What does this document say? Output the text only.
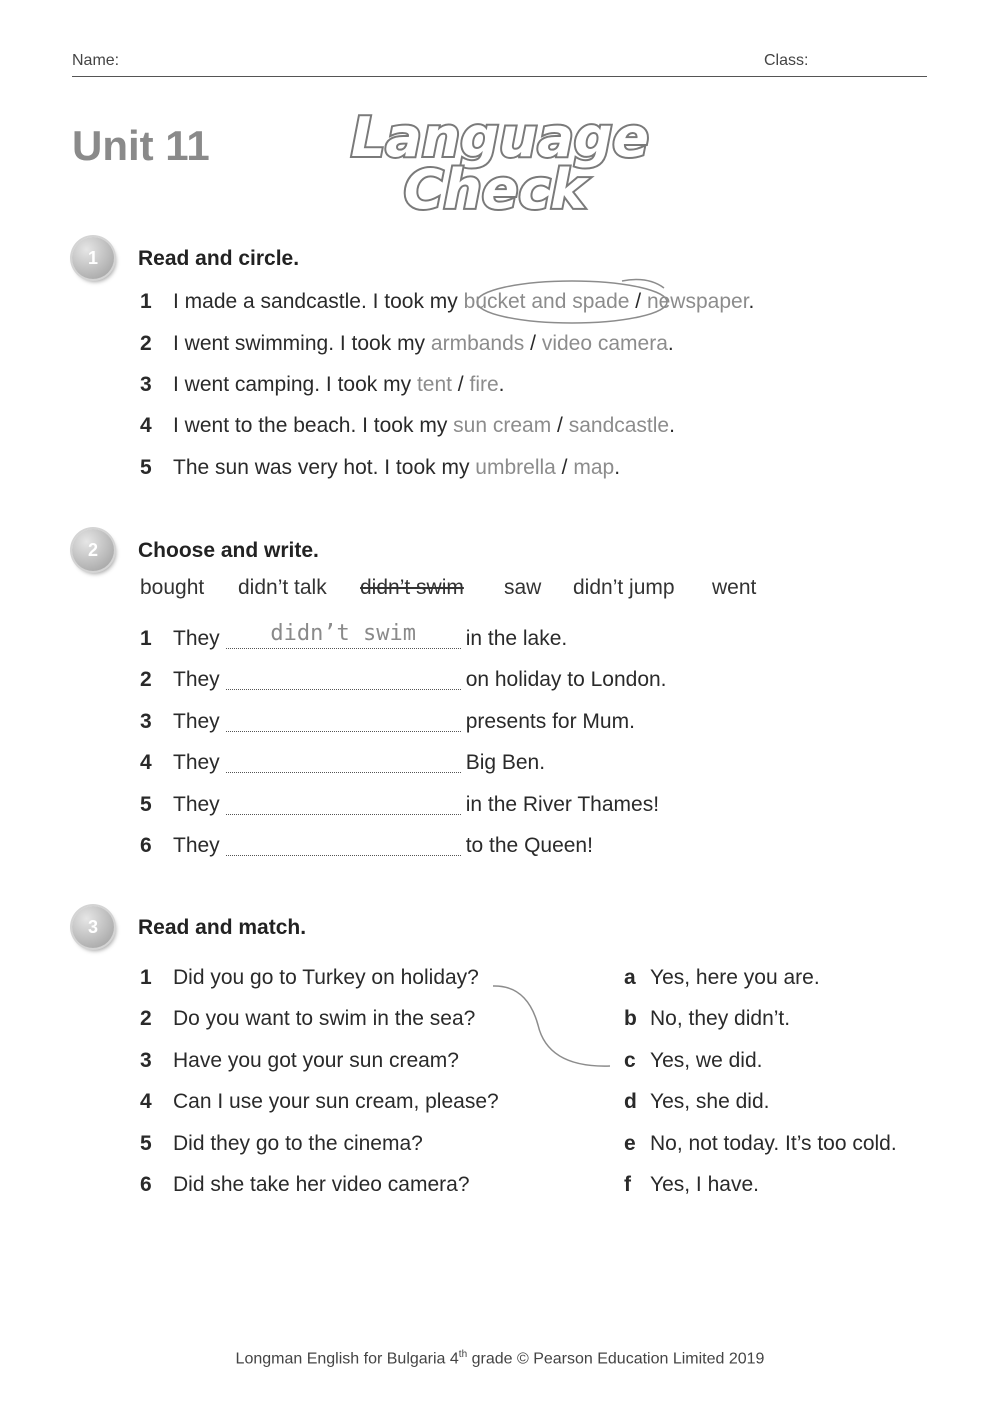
Name:	Class:
Unit 11	Language
Check
1 Read and circle.
1 I made a sandcastle. I took my bucket and spade / newspaper.
2 I went swimming. I took my armbands / video camera.
3 I went camping. I took my tent / fire.
4 I went to the beach. I took my sun cream / sandcastle.
5 The sun was very hot. I took my umbrella / map.
2 Choose and write.
bought didn’t talk didn’t swim saw didn’t jump went
1 They	didn’t swim	in the lake.
2 They	on holiday to London.
3 They	presents for Mum.
4 They	Big Ben.
5 They	in the River Thames!
6 They	to the Queen!
3 Read and match.
1 Did you go to Turkey on holiday?
2 Do you want to swim in the sea?
3 Have you got your sun cream?
4 Can I use your sun cream, please?
5 Did they go to the cinema?
6 Did she take her video camera?
a Yes, here you are.
b No, they didn’t.
c Yes, we did.
d Yes, she did.
e No, not today. It’s too cold.
f Yes, I have.
Longman English for Bulgaria 4th grade © Pearson Education Limited 2019
